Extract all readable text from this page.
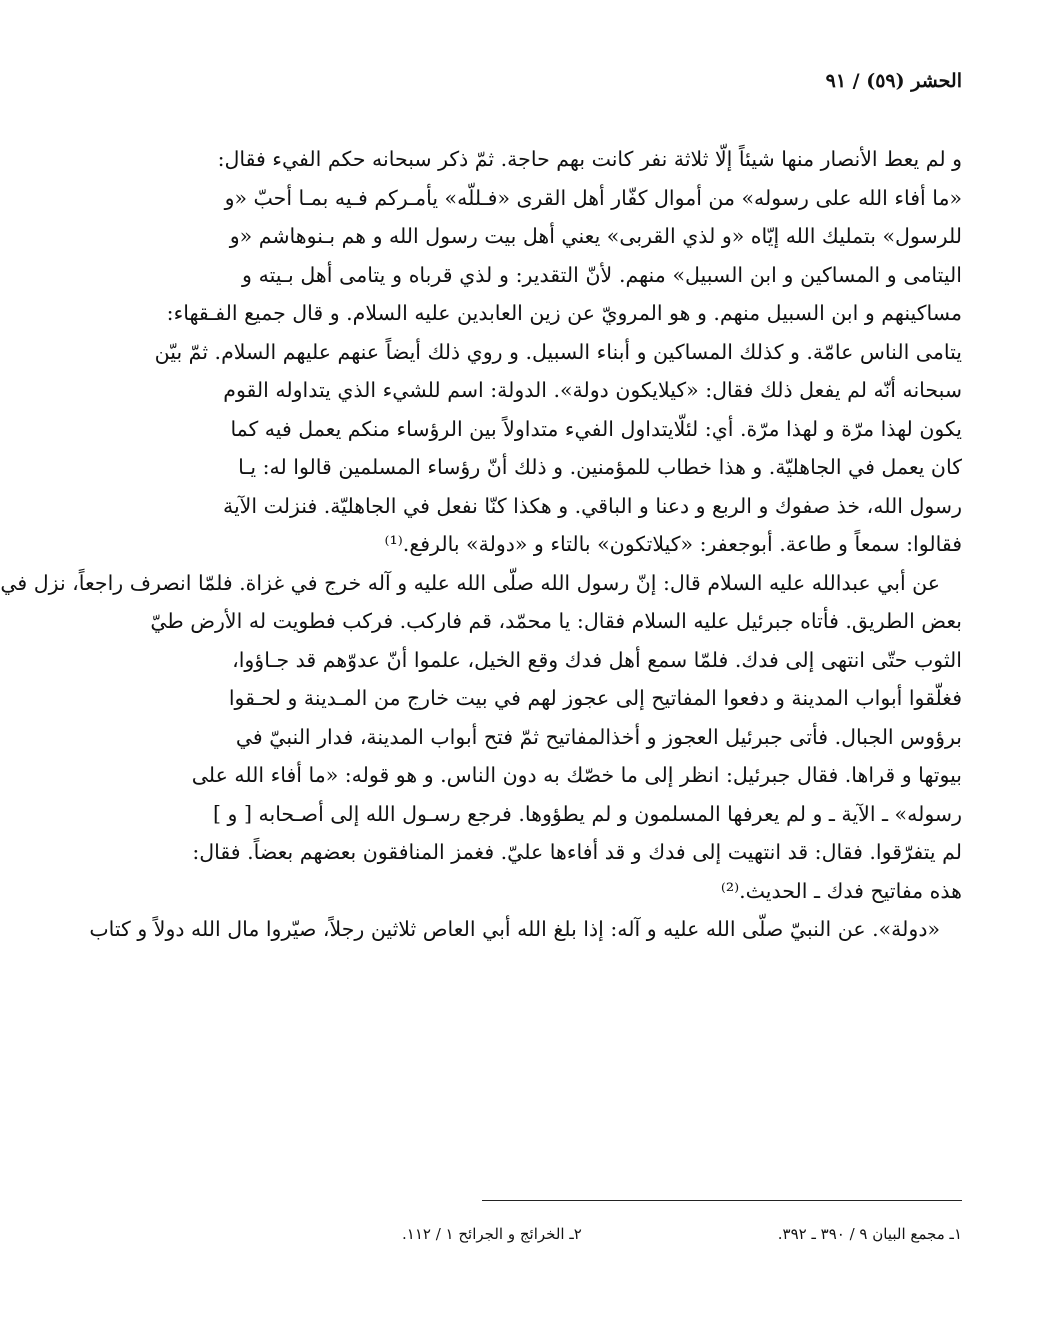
الحشر (٥٩) / ٩١
و لم يعط الأنصار منها شيئاً إلّا ثلاثة نفر كانت بهم حاجة. ثمّ ذكر سبحانه حكم الفيء فقال:
«ما أفاء الله على رسوله» من أموال كفّار أهل القرى «فـللّه» يأمـركم فـيه بمـا أحبّ «و
للرسول» بتمليك الله إيّاه «و لذي القربى» يعني أهل بيت رسول الله و هم بـنوهاشم «و
اليتامى و المساكين و ابن السبيل» منهم. لأنّ التقدير: و لذي قرباه و يتامى أهل بـيته و
مساكينهم و ابن السبيل منهم. و هو المرويّ عن زين العابدين عليه السلام. و قال جميع الفـقهاء:
يتامى الناس عامّة. و كذلك المساكين و أبناء السبيل. و روي ذلك أيضاً عنهم عليهم السلام. ثمّ بيّن
سبحانه أنّه لم يفعل ذلك فقال: «كيلايكون دولة». الدولة: اسم للشيء الذي يتداوله القوم
يكون لهذا مرّة و لهذا مرّة. أي: لئلّايتداول الفيء متداولاً بين الرؤساء منكم يعمل فيه كما
كان يعمل في الجاهليّة. و هذا خطاب للمؤمنين. و ذلك أنّ رؤساء المسلمين قالوا له: يـا
رسول الله، خذ صفوك و الربع و دعنا و الباقي. و هكذا كنّا نفعل في الجاهليّة. فنزلت الآية
فقالوا: سمعاً و طاعة. أبوجعفر: «كيلاتكون» بالتاء و «دولة» بالرفع.⁽¹⁾
عن أبي عبدالله عليه السلام قال: إنّ رسول الله صلّى الله عليه و آله خرج في غزاة. فلمّا انصرف راجعاً، نزل في
بعض الطريق. فأتاه جبرئيل عليه السلام فقال: يا محمّد، قم فاركب. فركب فطويت له الأرض طيّ
الثوب حتّى انتهى إلى فدك. فلمّا سمع أهل فدك وقع الخيل، علموا أنّ عدوّهم قد جـاؤوا،
فغلّقوا أبواب المدينة و دفعوا المفاتيح إلى عجوز لهم في بيت خارج من المـدينة و لحـقوا
برؤوس الجبال. فأتى جبرئيل العجوز و أخذالمفاتيح ثمّ فتح أبواب المدينة، فدار النبيّ في
بيوتها و قراها. فقال جبرئيل: انظر إلى ما خصّك به دون الناس. و هو قوله: «ما أفاء الله على
رسوله» ـ الآية ـ و لم يعرفها المسلمون و لم يطؤوها. فرجع رسـول الله إلى أصـحابه [ و ]
لم يتفرّقوا. فقال: قد انتهيت إلى فدك و قد أفاءها عليّ. فغمز المنافقون بعضهم بعضاً. فقال:
هذه مفاتيح فدك ـ الحديث.⁽²⁾
«دولة». عن النبيّ صلّى الله عليه و آله: إذا بلغ الله أبي العاص ثلاثين رجلاً، صيّروا مال الله دولاً و كتاب
١ـ مجمع البيان ٩ / ٣٩٠ ـ ٣٩٢.
٢ـ الخرائج و الجرائح ١ / ١١٢.
